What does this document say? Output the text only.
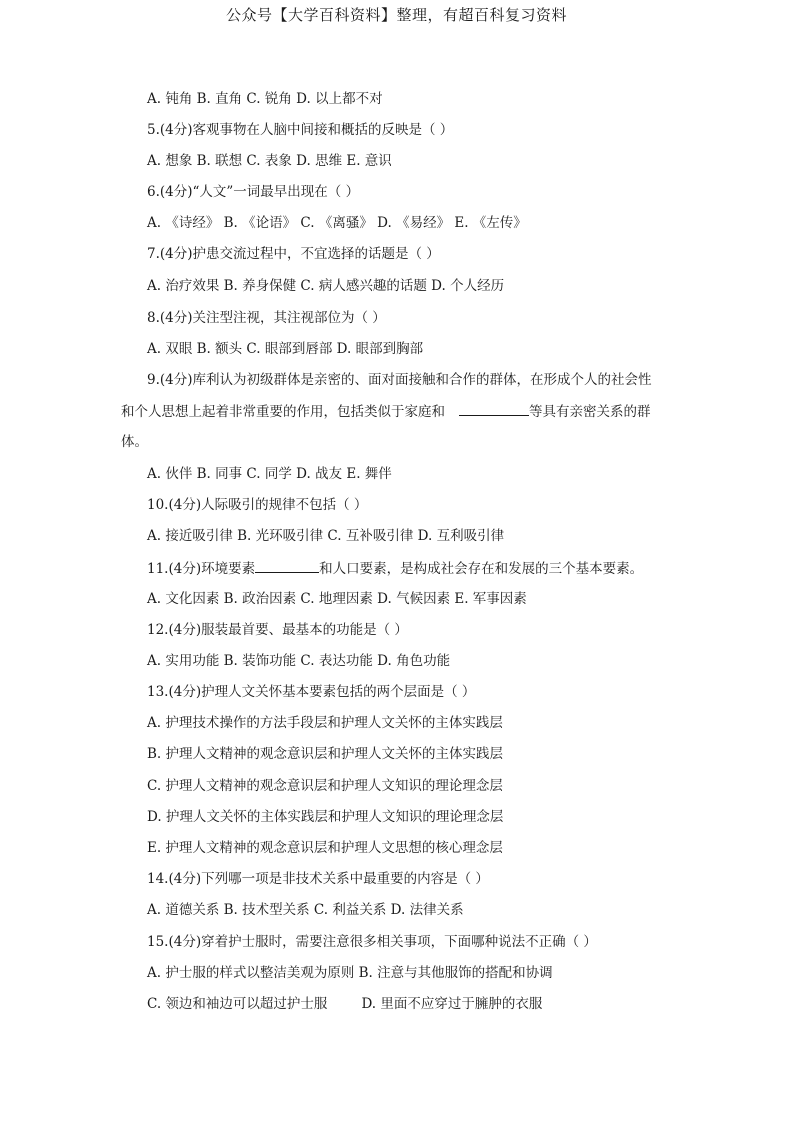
公众号【大学百科资料】整理，有超百科复习资料
A. 钝角 B. 直角 C. 锐角 D. 以上都不对
5.(4分)客观事物在人脑中间接和概括的反映是（ ）
A. 想象 B. 联想 C. 表象 D. 思维 E. 意识
6.(4分)“人文”一词最早出现在（ ）
A. 《诗经》 B. 《论语》 C. 《离骚》 D. 《易经》 E. 《左传》
7.(4分)护患交流过程中，不宜选择的话题是（ ）
A. 治疗效果 B. 养身保健 C. 病人感兴趣的话题 D. 个人经历
8.(4分)关注型注视，其注视部位为（ ）
A. 双眼 B. 额头 C. 眼部到唇部 D. 眼部到胸部
9.(4分)库利认为初级群体是亲密的、面对面接触和合作的群体，在形成个人的社会性
和个人思想上起着非常重要的作用，包括类似于家庭和	等具有亲密关系的群
体。
A. 伙伴 B. 同事 C. 同学 D. 战友 E. 舞伴
10.(4分)人际吸引的规律不包括（ ）
A. 接近吸引律 B. 光环吸引律 C. 互补吸引律 D. 互利吸引律
11.(4分)环境要素	和人口要素，是构成社会存在和发展的三个基本要素。
A. 文化因素 B. 政治因素 C. 地理因素 D. 气候因素 E. 军事因素
12.(4分)服装最首要、最基本的功能是（ ）
A. 实用功能 B. 装饰功能 C. 表达功能 D. 角色功能
13.(4分)护理人文关怀基本要素包括的两个层面是（ ）
A. 护理技术操作的方法手段层和护理人文关怀的主体实践层
B. 护理人文精神的观念意识层和护理人文关怀的主体实践层
C. 护理人文精神的观念意识层和护理人文知识的理论理念层
D. 护理人文关怀的主体实践层和护理人文知识的理论理念层
E. 护理人文精神的观念意识层和护理人文思想的核心理念层
14.(4分)下列哪一项是非技术关系中最重要的内容是（ ）
A. 道德关系 B. 技术型关系 C. 利益关系 D. 法律关系
15.(4分)穿着护士服时，需要注意很多相关事项，下面哪种说法不正确（ ）
A. 护士服的样式以整洁美观为原则 B. 注意与其他服饰的搭配和协调
C. 领边和袖边可以超过护士服	D. 里面不应穿过于臃肿的衣服
